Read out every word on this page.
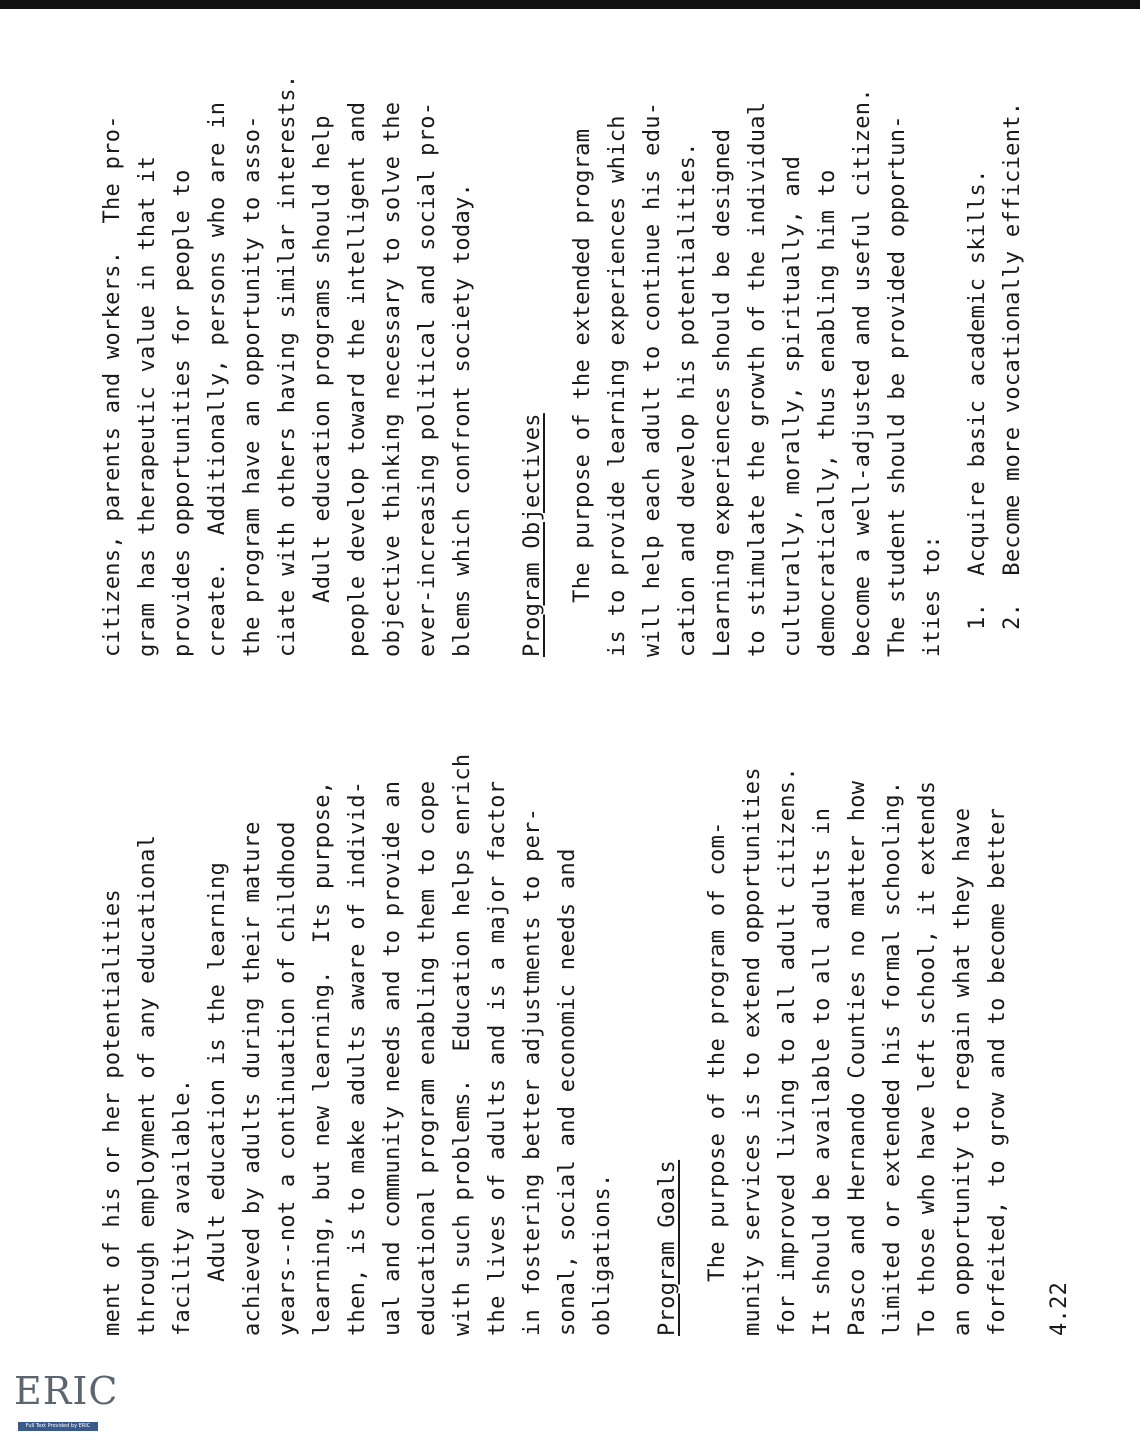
ment of his or her potentialities through employment of any educational facility available. Adult education is the learning achieved by adults during their mature years--not a continuation of childhood learning, but new learning.  Its purpose, then, is to make adults aware of individ- ual and community needs and to provide an educational program enabling them to cope with such problems.  Education helps enrich the lives of adults and is a major factor in fostering better adjustments to per- sonal, social and economic needs and obligations. Program Goals The purpose of the program of com- munity services is to extend opportunities for improved living to all adult citizens. It should be available to all adults in Pasco and Hernando Counties no matter how limited or extended his formal schooling. To those who have left school, it extends an opportunity to regain what they have forfeited, to grow and to become better 4.22
citizens, parents and workers.  The pro- gram has therapeutic value in that it provides opportunities for people to create.  Additionally, persons who are in the program have an opportunity to asso- ciate with others having similar interests. Adult education programs should help people develop toward the intelligent and objective thinking necessary to solve the ever-increasing political and social pro- blems which confront society today. Program Objectives The purpose of the extended program is to provide learning experiences which will help each adult to continue his edu- cation and develop his potentialities. Learning experiences should be designed to stimulate the growth of the individual culturally, morally, spiritually, and democratically, thus enabling him to become a well-adjusted and useful citizen. The student should be provided opportun- ities to: 1.  Acquire basic academic skills. 2.  Become more vocationally efficient.
ERIC
Full Text Provided by ERIC
